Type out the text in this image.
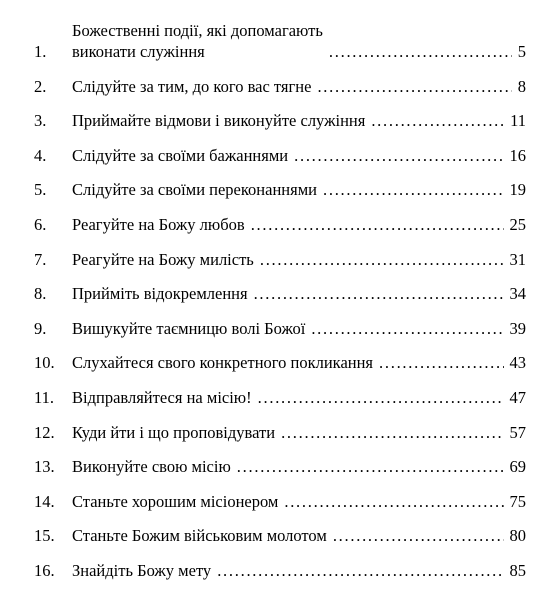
1.
Божественні події, які допомагають
виконати служіння . . .	5
2.	Слідуйте за тим, до кого вас тягне . . .	8
3.	Приймайте відмови і виконуйте служіння . . .	11
4.	Слідуйте за своїми бажаннями . . .	16
5.	Слідуйте за своїми переконаннями . . .	19
6.	Реагуйте на Божу любов . . .	25
7.	Реагуйте на Божу милість . . .	31
8.	Прийміть відокремлення . . .	34
9.	Вишукуйте таємницю волі Божої . . .	39
10.	Слухайтеся свого конкретного покликання . . .	43
11.	Відправляйтеся на місію! . . .	47
12.	Куди йти і що проповідувати . . .	57
13.	Виконуйте свою місію . . .	69
14.	Станьте хорошим місіонером . . .	75
15.	Станьте Божим військовим молотом . . .	80
16.	Знайдіть Божу мету . . .	85
